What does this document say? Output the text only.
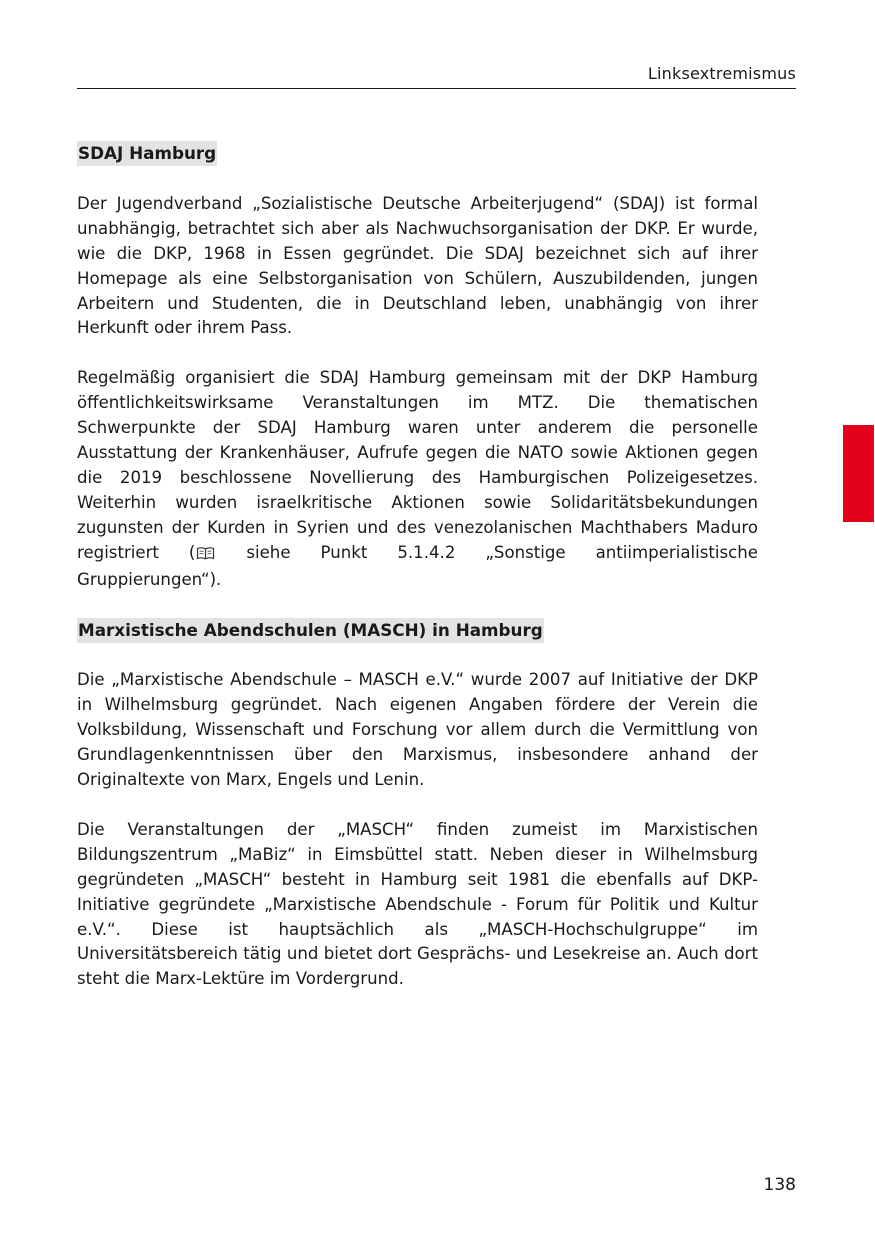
Linksextremismus
SDAJ Hamburg

Der Jugendverband „Sozialistische Deutsche Arbeiterjugend“ (SDAJ) ist formal unabhängig, betrachtet sich aber als Nachwuchsorganisation der DKP. Er wurde, wie die DKP, 1968 in Essen gegründet. Die SDAJ bezeichnet sich auf ihrer Homepage als eine Selbstorganisation von Schülern, Auszubildenden, jungen Arbeitern und Studenten, die in Deutschland leben, unabhängig von ihrer Herkunft oder ihrem Pass.

Regelmäßig organisiert die SDAJ Hamburg gemeinsam mit der DKP Hamburg öffentlichkeitswirksame Veranstaltungen im MTZ. Die thematischen Schwerpunkte der SDAJ Hamburg waren unter anderem die personelle Ausstattung der Krankenhäuser, Aufrufe gegen die NATO sowie Aktionen gegen die 2019 beschlossene Novellierung des Hamburgischen Polizeigesetzes. Weiterhin wurden israelkritische Aktionen sowie Solidaritätsbekundungen zugunsten der Kurden in Syrien und des venezolanischen Machthabers Maduro registriert ( siehe Punkt 5.1.4.2 „Sonstige antiimperialistische Gruppierungen“).

Marxistische Abendschulen (MASCH) in Hamburg

Die „Marxistische Abendschule – MASCH e.V.“ wurde 2007 auf Initiative der DKP in Wilhelmsburg gegründet. Nach eigenen Angaben fördere der Verein die Volksbildung, Wissenschaft und Forschung vor allem durch die Vermittlung von Grundlagenkenntnissen über den Marxismus, insbesondere anhand der Originaltexte von Marx, Engels und Lenin.

Die Veranstaltungen der „MASCH“ finden zumeist im Marxistischen Bildungszentrum „MaBiz“ in Eimsbüttel statt. Neben dieser in Wilhelmsburg gegründeten „MASCH“ besteht in Hamburg seit 1981 die ebenfalls auf DKP-Initiative gegründete „Marxistische Abendschule - Forum für Politik und Kultur e.V.“. Diese ist hauptsächlich als „MASCH-Hochschulgruppe“ im Universitätsbereich tätig und bietet dort Gesprächs- und Lesekreise an. Auch dort steht die Marx-Lektüre im Vordergrund.

138
